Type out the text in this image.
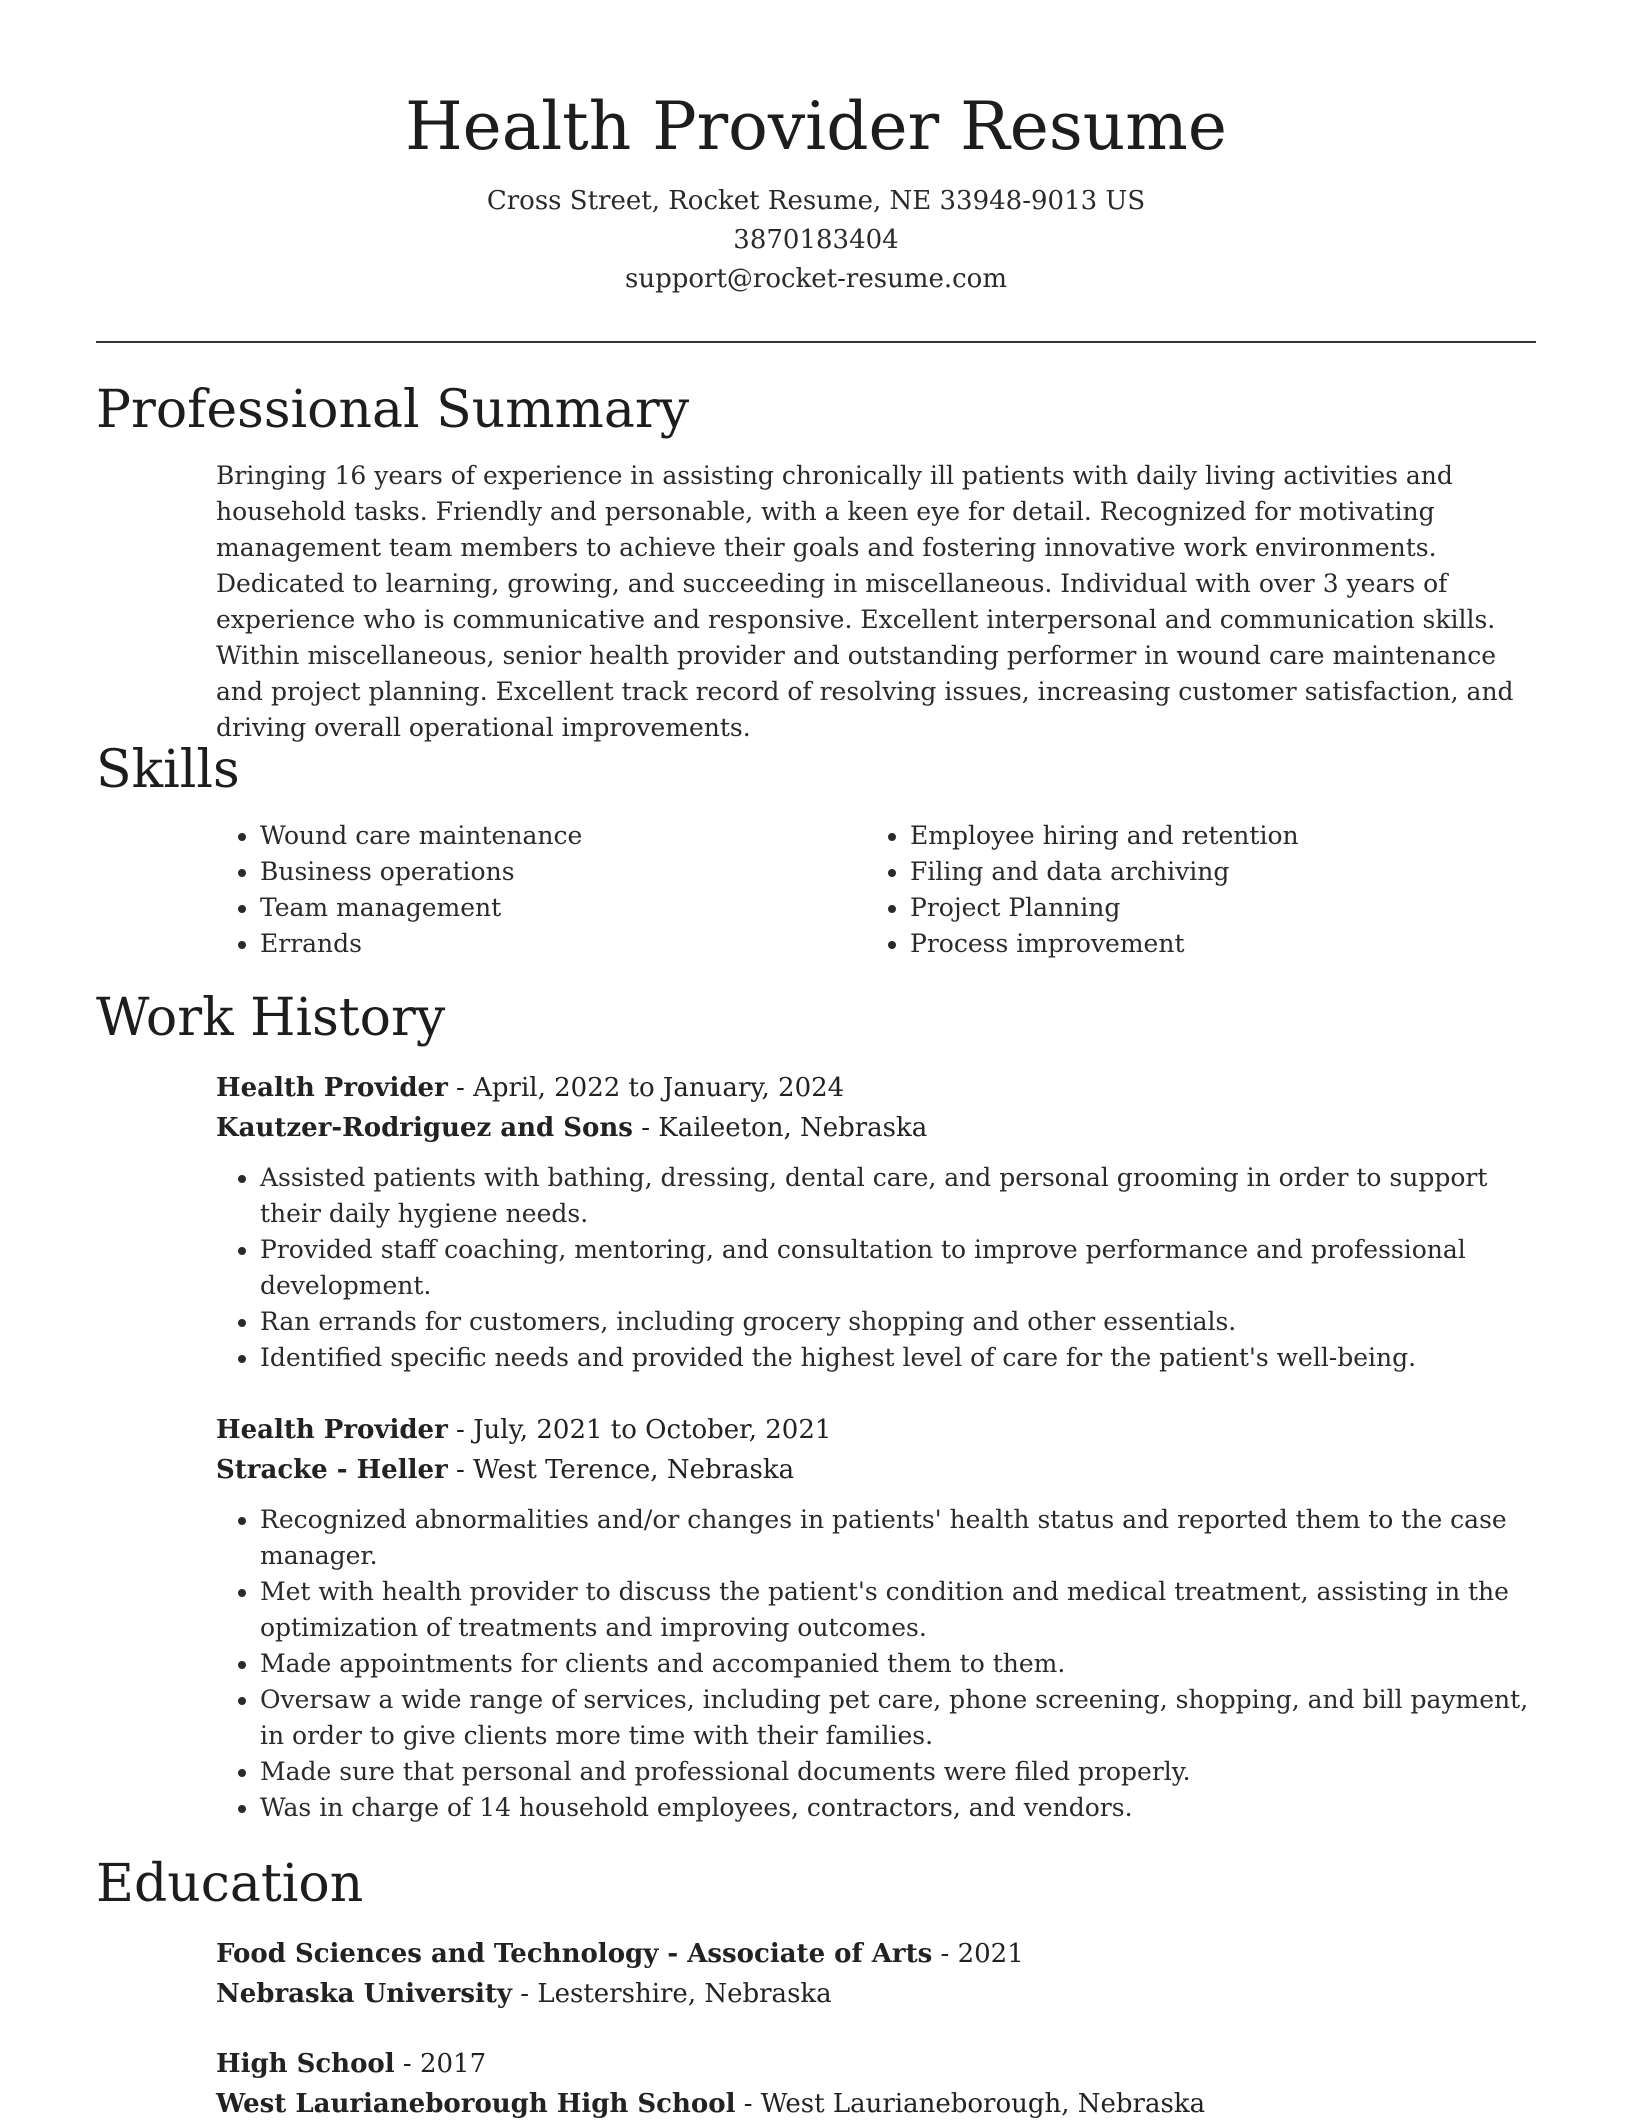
Health Provider Resume

Cross Street, Rocket Resume, NE 33948-9013 US

3870183404

support@rocket-resume.com

Professional Summary

Bringing 16 years of experience in assisting chronically ill patients with daily living activities and household tasks. Friendly and personable, with a keen eye for detail. Recognized for motivating management team members to achieve their goals and fostering innovative work environments. Dedicated to learning, growing, and succeeding in miscellaneous. Individual with over 3 years of experience who is communicative and responsive. Excellent interpersonal and communication skills. Within miscellaneous, senior health provider and outstanding performer in wound care maintenance and project planning. Excellent track record of resolving issues, increasing customer satisfaction, and driving overall operational improvements.

Skills
• Wound care maintenance
• Business operations
• Team management
• Errands
• Employee hiring and retention
• Filing and data archiving
• Project Planning
• Process improvement
Work History

Health Provider - April, 2022 to January, 2024

Kautzer-Rodriguez and Sons - Kaileeton, Nebraska

• Assisted patients with bathing, dressing, dental care, and personal grooming in order to support their daily hygiene needs.
• Provided staff coaching, mentoring, and consultation to improve performance and professional development.
• Ran errands for customers, including grocery shopping and other essentials.
• Identified specific needs and provided the highest level of care for the patient's well-being.

Health Provider - July, 2021 to October, 2021

Stracke - Heller - West Terence, Nebraska

• Recognized abnormalities and/or changes in patients' health status and reported them to the case manager.
• Met with health provider to discuss the patient's condition and medical treatment, assisting in the optimization of treatments and improving outcomes.
• Made appointments for clients and accompanied them to them.
• Oversaw a wide range of services, including pet care, phone screening, shopping, and bill payment, in order to give clients more time with their families.
• Made sure that personal and professional documents were filed properly.
• Was in charge of 14 household employees, contractors, and vendors.
Education

Food Sciences and Technology - Associate of Arts - 2021

Nebraska University - Lestershire, Nebraska

High School - 2017

West Laurianeborough High School - West Laurianeborough, Nebraska
